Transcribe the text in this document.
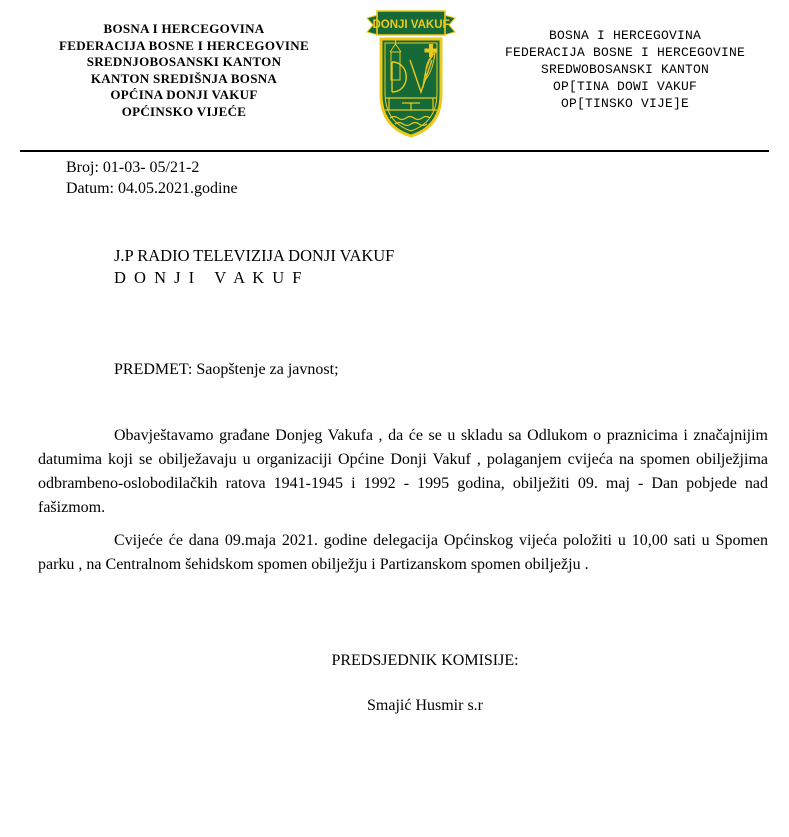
BOSNA I HERCEGOVINA
FEDERACIJA BOSNE I HERCEGOVINE
SREDNJOBOSANSKI KANTON
KANTON SREDIŠNJA BOSNA
OPĆINA DONJI VAKUF
OPĆINSKO VIJEĆE
DONJI VAKUF
BOSNA I HERCEGOVINA
FEDERACIJA BOSNE I HERCEGOVINE
SREDWOBOSANSKI KANTON
OP[TINA DOWI VAKUF
OP[TINSKO VIJE]E
Broj: 01-03- 05/21-2
Datum: 04.05.2021.godine
J.P RADIO TELEVIZIJA DONJI VAKUF
D O N J I   V A K U F
PREDMET: Saopštenje za javnost;

Obavještavamo građane Donjeg Vakufa , da će se u skladu sa Odlukom o praznicima i značajnijim datumima koji se obilježavaju u organizaciji Općine Donji Vakuf , polaganjem cvijeća na spomen obilježjima odbrambeno-oslobodilačkih ratova 1941-1945 i 1992 - 1995 godina, obilježiti 09. maj - Dan pobjede nad fašizmom.

Cvijeće će dana 09.maja 2021. godine delegacija Općinskog vijeća položiti u 10,00 sati u Spomen parku , na Centralnom šehidskom spomen obilježju i Partizanskom spomen obilježju .

PREDSJEDNIK KOMISIJE:
Smajić Husmir s.r
